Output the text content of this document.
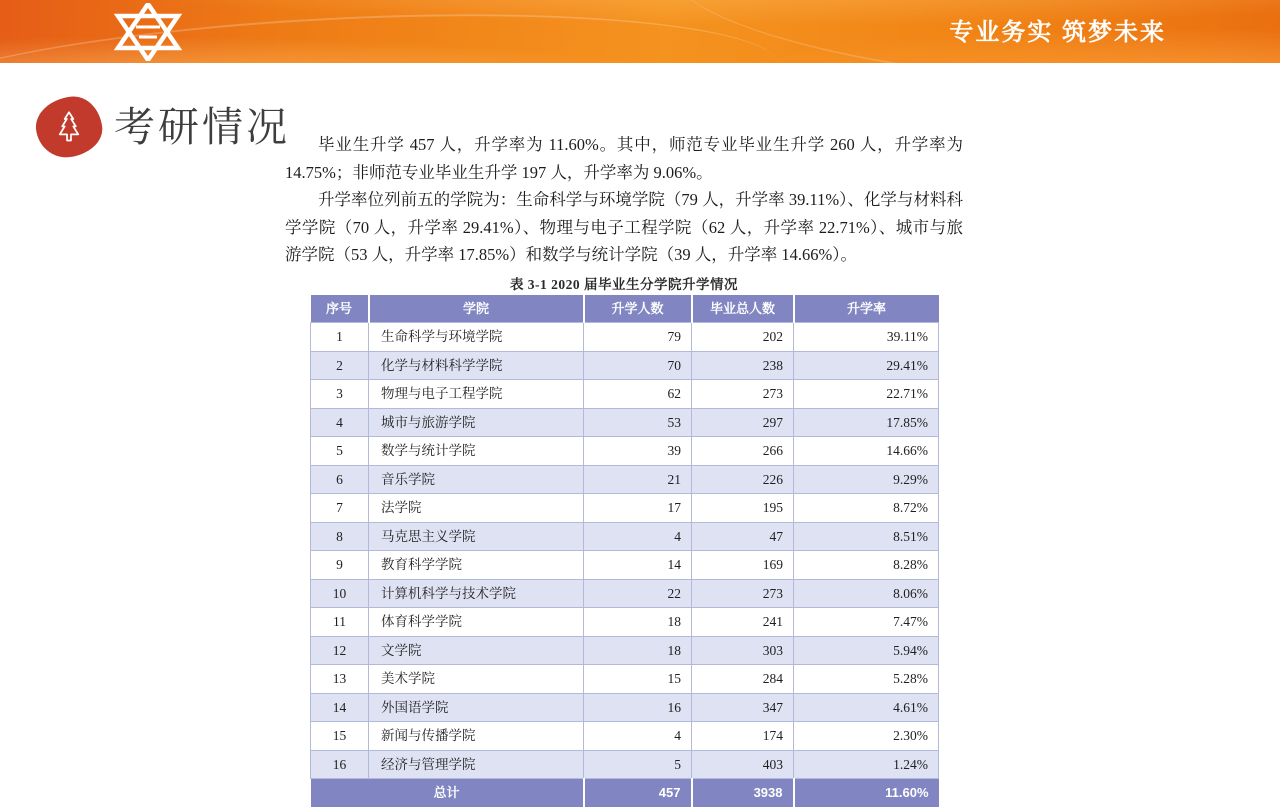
专业务实 筑梦未来
考研情况	毕业生升学 457 人，升学率为 11.60%。其中，师范专业毕业生升学 260 人，升学率为 14.75%；非师范专业毕业生升学 197 人，升学率为 9.06%。

升学率位列前五的学院为：生命科学与环境学院（79 人，升学率 39.11%）、化学与材料科学学院（70 人，升学率 29.41%）、物理与电子工程学院（62 人，升学率 22.71%）、城市与旅游学院（53 人，升学率 17.85%）和数学与统计学院（39 人，升学率 14.66%）。

表 3-1 2020 届毕业生分学院升学情况
序号	学院	升学人数	毕业总人数	升学率
1	生命科学与环境学院	79	202	39.11%
2	化学与材料科学学院	70	238	29.41%
3	物理与电子工程学院	62	273	22.71%
4	城市与旅游学院	53	297	17.85%
5	数学与统计学院	39	266	14.66%
6	音乐学院	21	226	9.29%
7	法学院	17	195	8.72%
8	马克思主义学院	4	47	8.51%
9	教育科学学院	14	169	8.28%
10	计算机科学与技术学院	22	273	8.06%
11	体育科学学院	18	241	7.47%
12	文学院	18	303	5.94%
13	美术学院	15	284	5.28%
14	外国语学院	16	347	4.61%
15	新闻与传播学院	4	174	2.30%
16	经济与管理学院	5	403	1.24%
总计		457	3938	11.60%
